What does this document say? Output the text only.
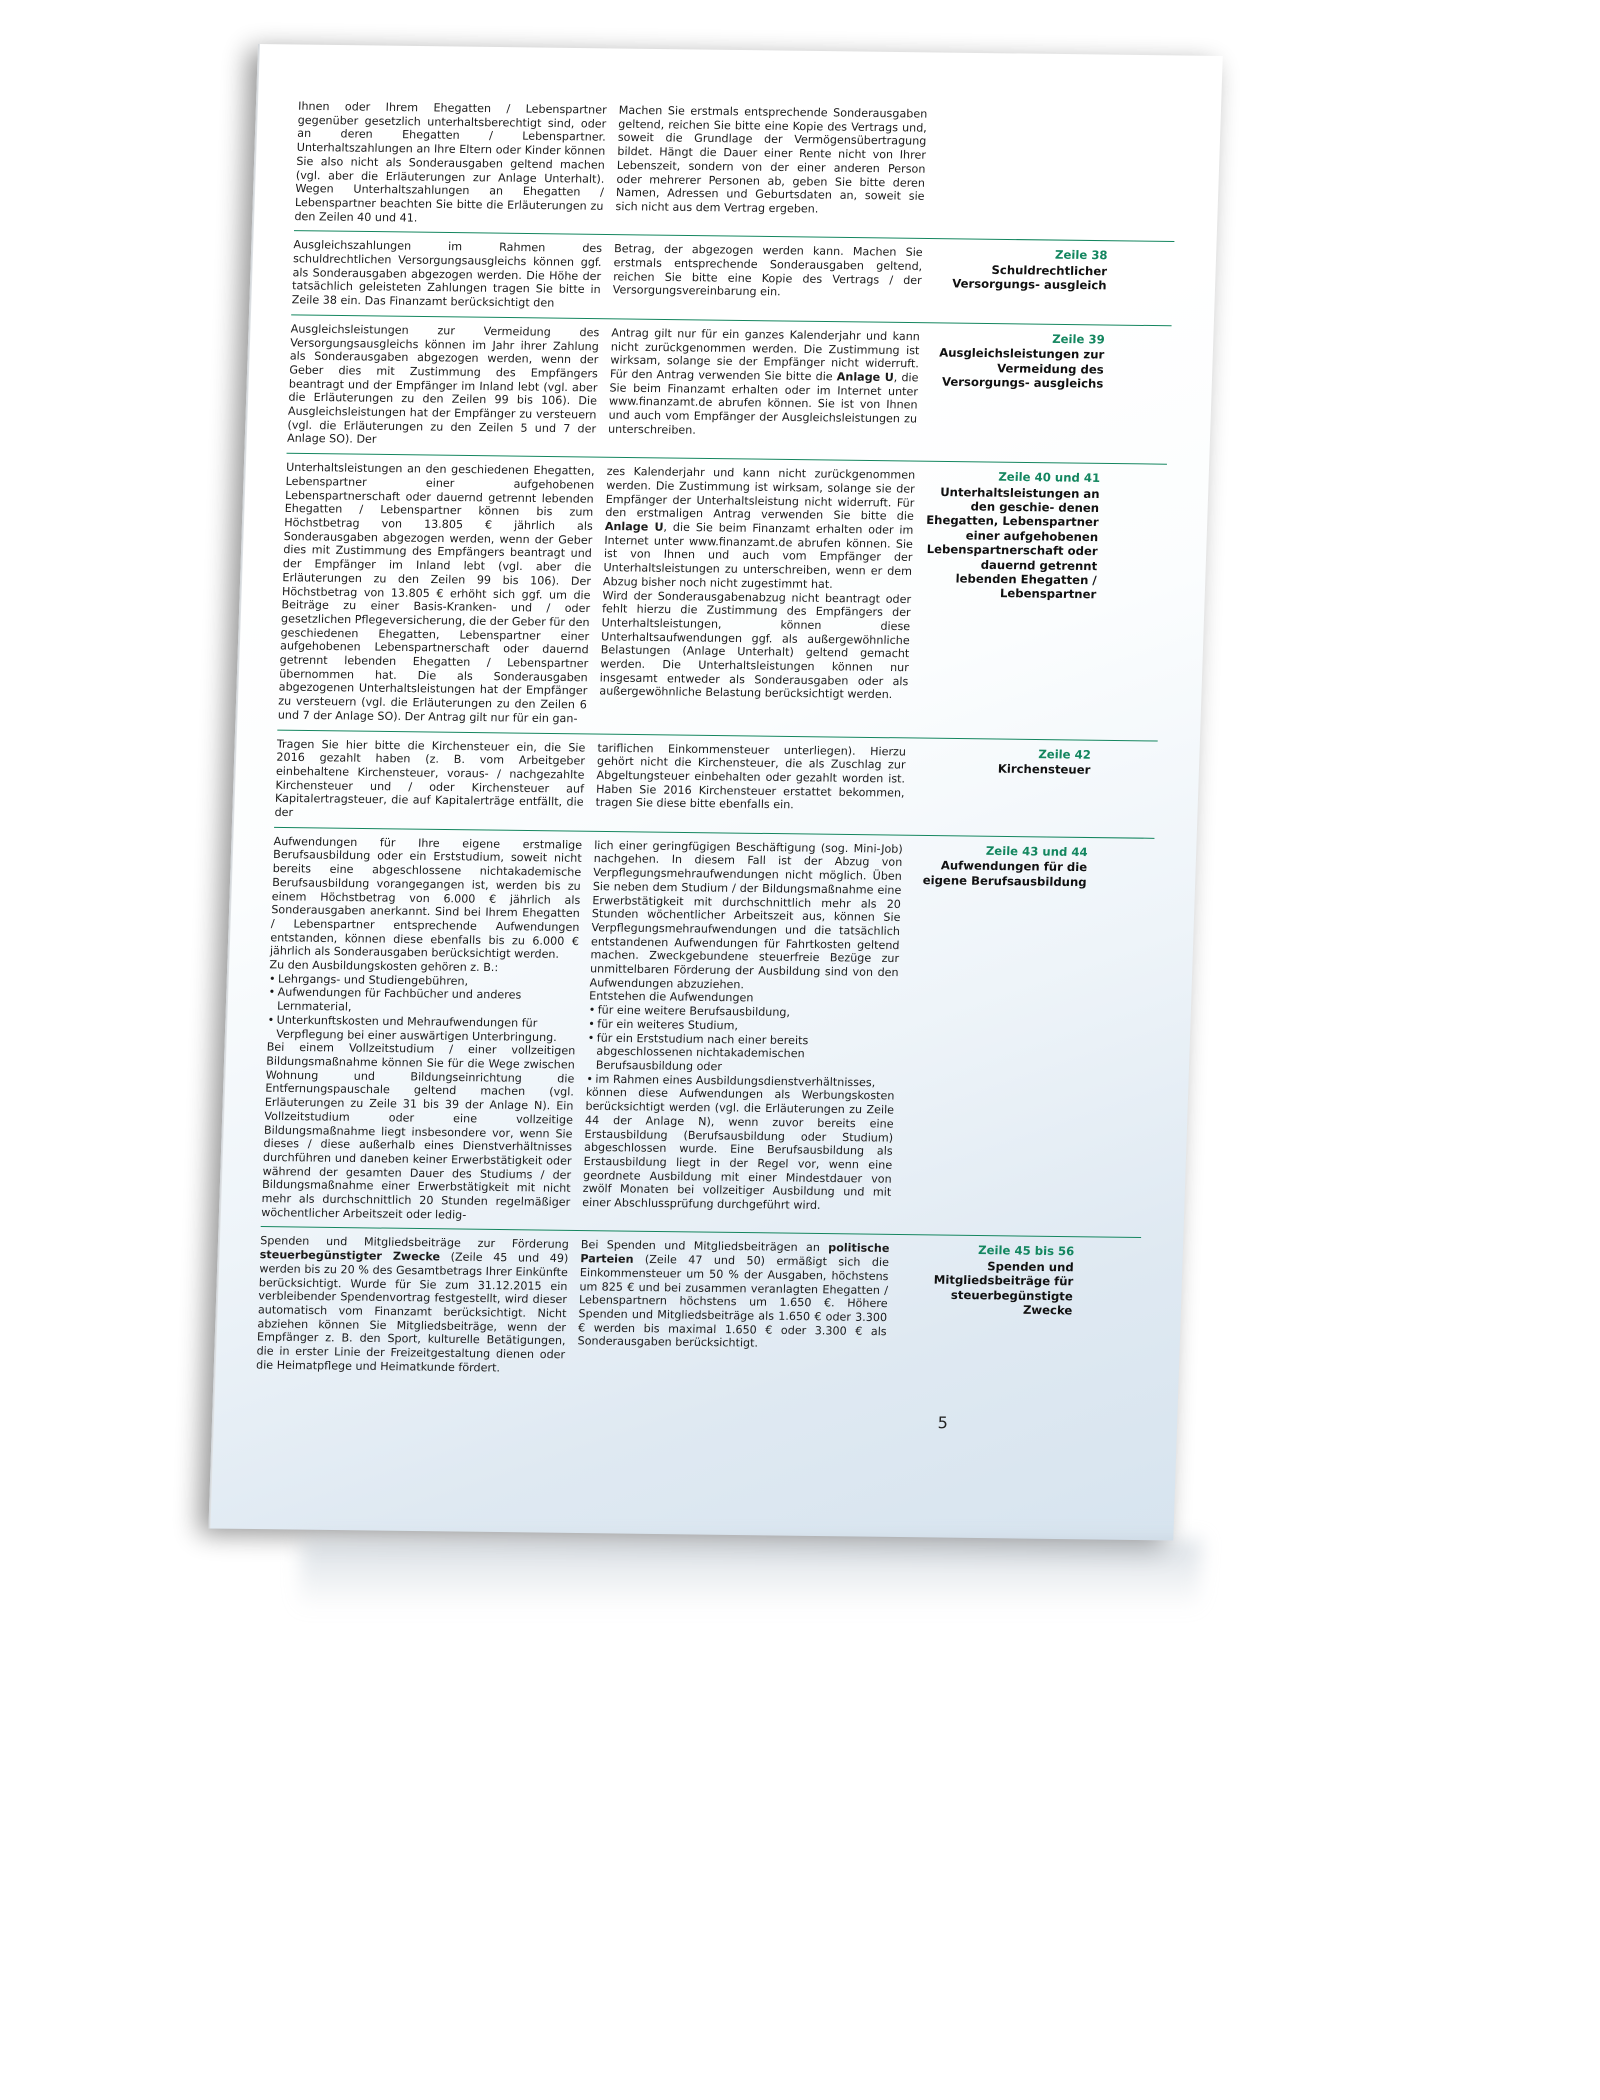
Ihnen oder Ihrem Ehegatten / Lebenspartner gegenüber gesetzlich unterhaltsberechtigt sind, oder an deren Ehegatten / Lebenspartner. Unterhaltszahlungen an Ihre Eltern oder Kinder können Sie also nicht als Sonderausgaben geltend machen (vgl. aber die Erläuterungen zur Anlage Unterhalt). Wegen Unterhaltszahlungen an Ehegatten / Lebenspartner beachten Sie bitte die Erläuterungen zu den Zeilen 40 und 41.

Machen Sie erstmals entsprechende Sonderausgaben geltend, reichen Sie bitte eine Kopie des Vertrags und, soweit die Grundlage der Vermögensübertragung bildet. Hängt die Dauer einer Rente nicht von Ihrer Lebenszeit, sondern von der einer anderen Person oder mehrerer Personen ab, geben Sie bitte deren Namen, Adressen und Geburtsdaten an, soweit sie sich nicht aus dem Vertrag ergeben.

Ausgleichszahlungen im Rahmen des schuldrechtlichen Versorgungsausgleichs können ggf. als Sonderausgaben abgezogen werden. Die Höhe der tatsächlich geleisteten Zahlungen tragen Sie bitte in Zeile 38 ein. Das Finanzamt berücksichtigt den

Betrag, der abgezogen werden kann. Machen Sie erstmals entsprechende Sonderausgaben geltend, reichen Sie bitte eine Kopie des Vertrags / der Versorgungsvereinbarung ein.

Zeile 38
Schuldrechtlicher Versorgungs- ausgleich

Ausgleichsleistungen zur Vermeidung des Versorgungsausgleichs können im Jahr ihrer Zahlung als Sonderausgaben abgezogen werden, wenn der Geber dies mit Zustimmung des Empfängers beantragt und der Empfänger im Inland lebt (vgl. aber die Erläuterungen zu den Zeilen 99 bis 106). Die Ausgleichsleistungen hat der Empfänger zu versteuern (vgl. die Erläuterungen zu den Zeilen 5 und 7 der Anlage SO). Der

Antrag gilt nur für ein ganzes Kalenderjahr und kann nicht zurückgenommen werden. Die Zustimmung ist wirksam, solange sie der Empfänger nicht widerruft. Für den Antrag verwenden Sie bitte die Anlage U, die Sie beim Finanzamt erhalten oder im Internet unter www.finanzamt.de abrufen können. Sie ist von Ihnen und auch vom Empfänger der Ausgleichsleistungen zu unterschreiben.

Zeile 39
Ausgleichsleistungen zur Vermeidung des Versorgungs- ausgleichs

Unterhaltsleistungen an den geschiedenen Ehegatten, Lebenspartner einer aufgehobenen Lebenspartnerschaft oder dauernd getrennt lebenden Ehegatten / Lebenspartner können bis zum Höchstbetrag von 13.805 € jährlich als Sonderausgaben abgezogen werden, wenn der Geber dies mit Zustimmung des Empfängers beantragt und der Empfänger im Inland lebt (vgl. aber die Erläuterungen zu den Zeilen 99 bis 106). Der Höchstbetrag von 13.805 € erhöht sich ggf. um die Beiträge zu einer Basis-Kranken- und / oder gesetzlichen Pflegeversicherung, die der Geber für den geschiedenen Ehegatten, Lebenspartner einer aufgehobenen Lebenspartnerschaft oder dauernd getrennt lebenden Ehegatten / Lebenspartner übernommen hat. Die als Sonderausgaben abgezogenen Unterhaltsleistungen hat der Empfänger zu versteuern (vgl. die Erläuterungen zu den Zeilen 6 und 7 der Anlage SO). Der Antrag gilt nur für ein gan-

zes Kalenderjahr und kann nicht zurückgenommen werden. Die Zustimmung ist wirksam, solange sie der Empfänger der Unterhaltsleistung nicht widerruft. Für den erstmaligen Antrag verwenden Sie bitte die Anlage U, die Sie beim Finanzamt erhalten oder im Internet unter www.finanzamt.de abrufen können. Sie ist von Ihnen und auch vom Empfänger der Unterhaltsleistungen zu unterschreiben, wenn er dem Abzug bisher noch nicht zugestimmt hat.
Wird der Sonderausgabenabzug nicht beantragt oder fehlt hierzu die Zustimmung des Empfängers der Unterhaltsleistungen, können diese Unterhaltsaufwendungen ggf. als außergewöhnliche Belastungen (Anlage Unterhalt) geltend gemacht werden. Die Unterhaltsleistungen können nur insgesamt entweder als Sonderausgaben oder als außergewöhnliche Belastung berücksichtigt werden.

Zeile 40 und 41
Unterhaltsleistungen an den geschie- denen Ehegatten, Lebenspartner einer aufgehobenen Lebenspartnerschaft oder dauernd getrennt lebenden Ehegatten / Lebenspartner

Tragen Sie hier bitte die Kirchensteuer ein, die Sie 2016 gezahlt haben (z. B. vom Arbeitgeber einbehaltene Kirchensteuer, voraus- / nachgezahlte Kirchensteuer und / oder Kirchensteuer auf Kapitalertragsteuer, die auf Kapitalerträge entfällt, die der

tariflichen Einkommensteuer unterliegen). Hierzu gehört nicht die Kirchensteuer, die als Zuschlag zur Abgeltungsteuer einbehalten oder gezahlt worden ist. Haben Sie 2016 Kirchensteuer erstattet bekommen, tragen Sie diese bitte ebenfalls ein.

Zeile 42
Kirchensteuer

Aufwendungen für Ihre eigene erstmalige Berufsausbildung oder ein Erststudium, soweit nicht bereits eine abgeschlossene nichtakademische Berufsausbildung vorangegangen ist, werden bis zu einem Höchstbetrag von 6.000 € jährlich als Sonderausgaben anerkannt. Sind bei Ihrem Ehegatten / Lebenspartner entsprechende Aufwendungen entstanden, können diese ebenfalls bis zu 6.000 € jährlich als Sonderausgaben berücksichtigt werden.

Zu den Ausbildungskosten gehören z. B.:

• Lehrgangs- und Studiengebühren,
• Aufwendungen für Fachbücher und anderes Lernmaterial,
• Unterkunftskosten und Mehraufwendungen für Verpflegung bei einer auswärtigen Unterbringung.

Bei einem Vollzeitstudium / einer vollzeitigen Bildungsmaßnahme können Sie für die Wege zwischen Wohnung und Bildungseinrichtung die Entfernungspauschale geltend machen (vgl. Erläuterungen zu Zeile 31 bis 39 der Anlage N). Ein Vollzeitstudium oder eine vollzeitige Bildungsmaßnahme liegt insbesondere vor, wenn Sie dieses / diese außerhalb eines Dienstverhältnisses durchführen und daneben keiner Erwerbstätigkeit oder während der gesamten Dauer des Studiums / der Bildungsmaßnahme einer Erwerbstätigkeit mit nicht mehr als durchschnittlich 20 Stunden regelmäßiger wöchentlicher Arbeitszeit oder ledig-

lich einer geringfügigen Beschäftigung (sog. Mini-Job) nachgehen. In diesem Fall ist der Abzug von Verpflegungsmehraufwendungen nicht möglich. Üben Sie neben dem Studium / der Bildungsmaßnahme eine Erwerbstätigkeit mit durchschnittlich mehr als 20 Stunden wöchentlicher Arbeitszeit aus, können Sie Verpflegungsmehraufwendungen und die tatsächlich entstandenen Aufwendungen für Fahrtkosten geltend machen. Zweckgebundene steuerfreie Bezüge zur unmittelbaren Förderung der Ausbildung sind von den Aufwendungen abzuziehen.

Entstehen die Aufwendungen

• für eine weitere Berufsausbildung,
• für ein weiteres Studium,
• für ein Erststudium nach einer bereits abgeschlossenen nichtakademischen Berufsausbildung oder
• im Rahmen eines Ausbildungsdienstverhältnisses,

können diese Aufwendungen als Werbungskosten berücksichtigt werden (vgl. die Erläuterungen zu Zeile 44 der Anlage N), wenn zuvor bereits eine Erstausbildung (Berufsausbildung oder Studium) abgeschlossen wurde. Eine Berufsausbildung als Erstausbildung liegt in der Regel vor, wenn eine geordnete Ausbildung mit einer Mindestdauer von zwölf Monaten bei vollzeitiger Ausbildung und mit einer Abschlussprüfung durchgeführt wird.

Zeile 43 und 44
Aufwendungen für die eigene Berufsausbildung

Spenden und Mitgliedsbeiträge zur Förderung steuerbegünstigter Zwecke (Zeile 45 und 49) werden bis zu 20 % des Gesamtbetrags Ihrer Einkünfte berücksichtigt. Wurde für Sie zum 31.12.2015 ein verbleibender Spendenvortrag festgestellt, wird dieser automatisch vom Finanzamt berücksichtigt. Nicht abziehen können Sie Mitgliedsbeiträge, wenn der Empfänger z. B. den Sport, kulturelle Betätigungen, die in erster Linie der Freizeitgestaltung dienen oder die Heimatpflege und Heimatkunde fördert.

Bei Spenden und Mitgliedsbeiträgen an politische Parteien (Zeile 47 und 50) ermäßigt sich die Einkommensteuer um 50 % der Ausgaben, höchstens um 825 € und bei zusammen veranlagten Ehegatten / Lebenspartnern höchstens um 1.650 €. Höhere Spenden und Mitgliedsbeiträge als 1.650 € oder 3.300 € werden bis maximal 1.650 € oder 3.300 € als Sonderausgaben berücksichtigt.

Zeile 45 bis 56
Spenden und Mitgliedsbeiträge für steuerbegünstigte Zwecke
5
